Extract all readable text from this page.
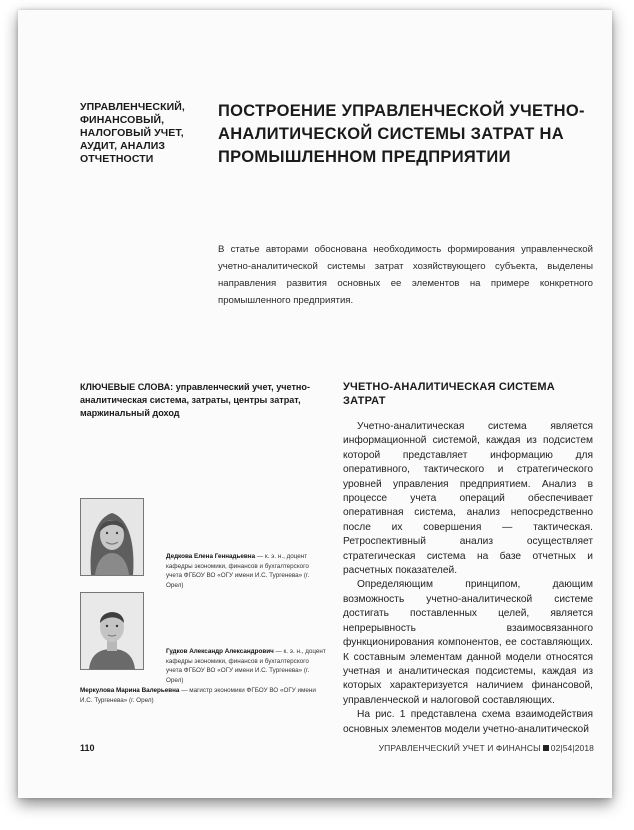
УПРАВЛЕНЧЕСКИЙ, ФИНАНСОВЫЙ, НАЛОГОВЫЙ УЧЕТ, АУДИТ, АНАЛИЗ ОТЧЕТНОСТИ
ПОСТРОЕНИЕ УПРАВЛЕНЧЕСКОЙ УЧЕТНО-АНАЛИТИЧЕСКОЙ СИСТЕМЫ ЗАТРАТ НА ПРОМЫШЛЕННОМ ПРЕДПРИЯТИИ
В статье авторами обоснована необходимость формирования управленческой учетно-аналитической системы затрат хозяйствующего субъекта, выделены направления развития основных ее элементов на примере конкретного промышленного предприятия.
КЛЮЧЕВЫЕ СЛОВА: управленческий учет, учетно-аналитическая система, затраты, центры затрат, маржинальный доход
УЧЕТНО-АНАЛИТИЧЕСКАЯ СИСТЕМА ЗАТРАТ

Учетно-аналитическая система является информационной системой, каждая из подсистем которой представляет информацию для оперативного, тактического и стратегического уровней управления предприятием. Анализ в процессе учета операций обеспечивает оперативная система, анализ непосредственно после их совершения — тактическая. Ретроспективный анализ осуществляет стратегическая система на базе отчетных и расчетных показателей.

Определяющим принципом, дающим возможность учетно-аналитической системе достигать поставленных целей, является непрерывность взаимосвязанного функционирования компонентов, ее составляющих. К составным элементам данной модели относятся учетная и аналитическая подсистемы, каждая из которых характеризуется наличием финансовой, управленческой и налоговой составляющих.

На рис. 1 представлена схема взаимодействия основных элементов модели учетно-аналитической

Дедкова Елена Геннадьевна — к. э. н., доцент кафедры экономики, финансов и бухгалтерского учета ФГБОУ ВО «ОГУ имени И.С. Тургенева» (г. Орел)
Гудков Александр Александрович — к. э. н., доцент кафедры экономики, финансов и бухгалтерского учета ФГБОУ ВО «ОГУ имени И.С. Тургенева» (г. Орел)
Меркулова Марина Валерьевна — магистр экономики ФГБОУ ВО «ОГУ имени И.С. Тургенева» (г. Орел)
110	УПРАВЛЕНЧЕСКИЙ УЧЕТ И ФИНАНСЫ 02|54|2018
